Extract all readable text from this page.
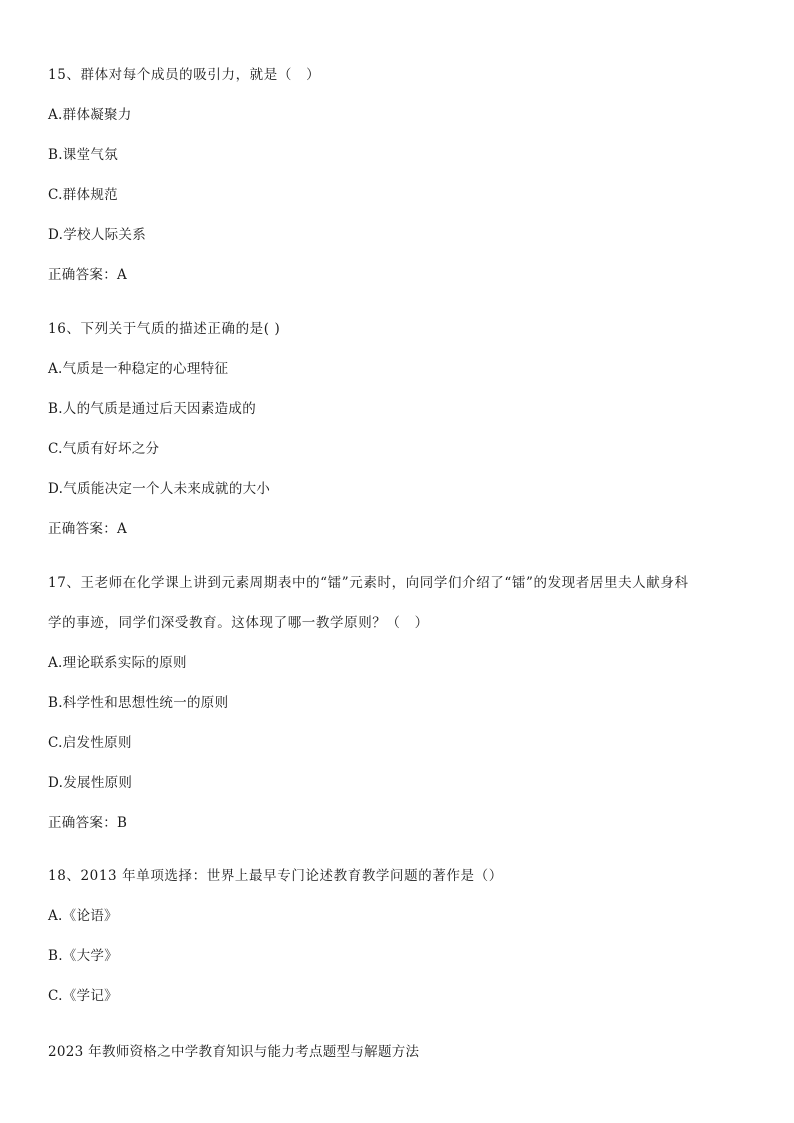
15、群体对每个成员的吸引力，就是（　）
A.群体凝聚力
B.课堂气氛
C.群体规范
D.学校人际关系
正确答案：A
16、下列关于气质的描述正确的是( )
A.气质是一种稳定的心理特征
B.人的气质是通过后天因素造成的
C.气质有好坏之分
D.气质能决定一个人未来成就的大小
正确答案：A
17、王老师在化学课上讲到元素周期表中的“镭”元素时，向同学们介绍了“镭”的发现者居里夫人献身科
学的事迹，同学们深受教育。这体现了哪一教学原则？（　）
A.理论联系实际的原则
B.科学性和思想性统一的原则
C.启发性原则
D.发展性原则
正确答案：B
18、2013 年单项选择：世界上最早专门论述教育教学问题的著作是（）
A.《论语》
B.《大学》
C.《学记》
2023 年教师资格之中学教育知识与能力考点题型与解题方法
